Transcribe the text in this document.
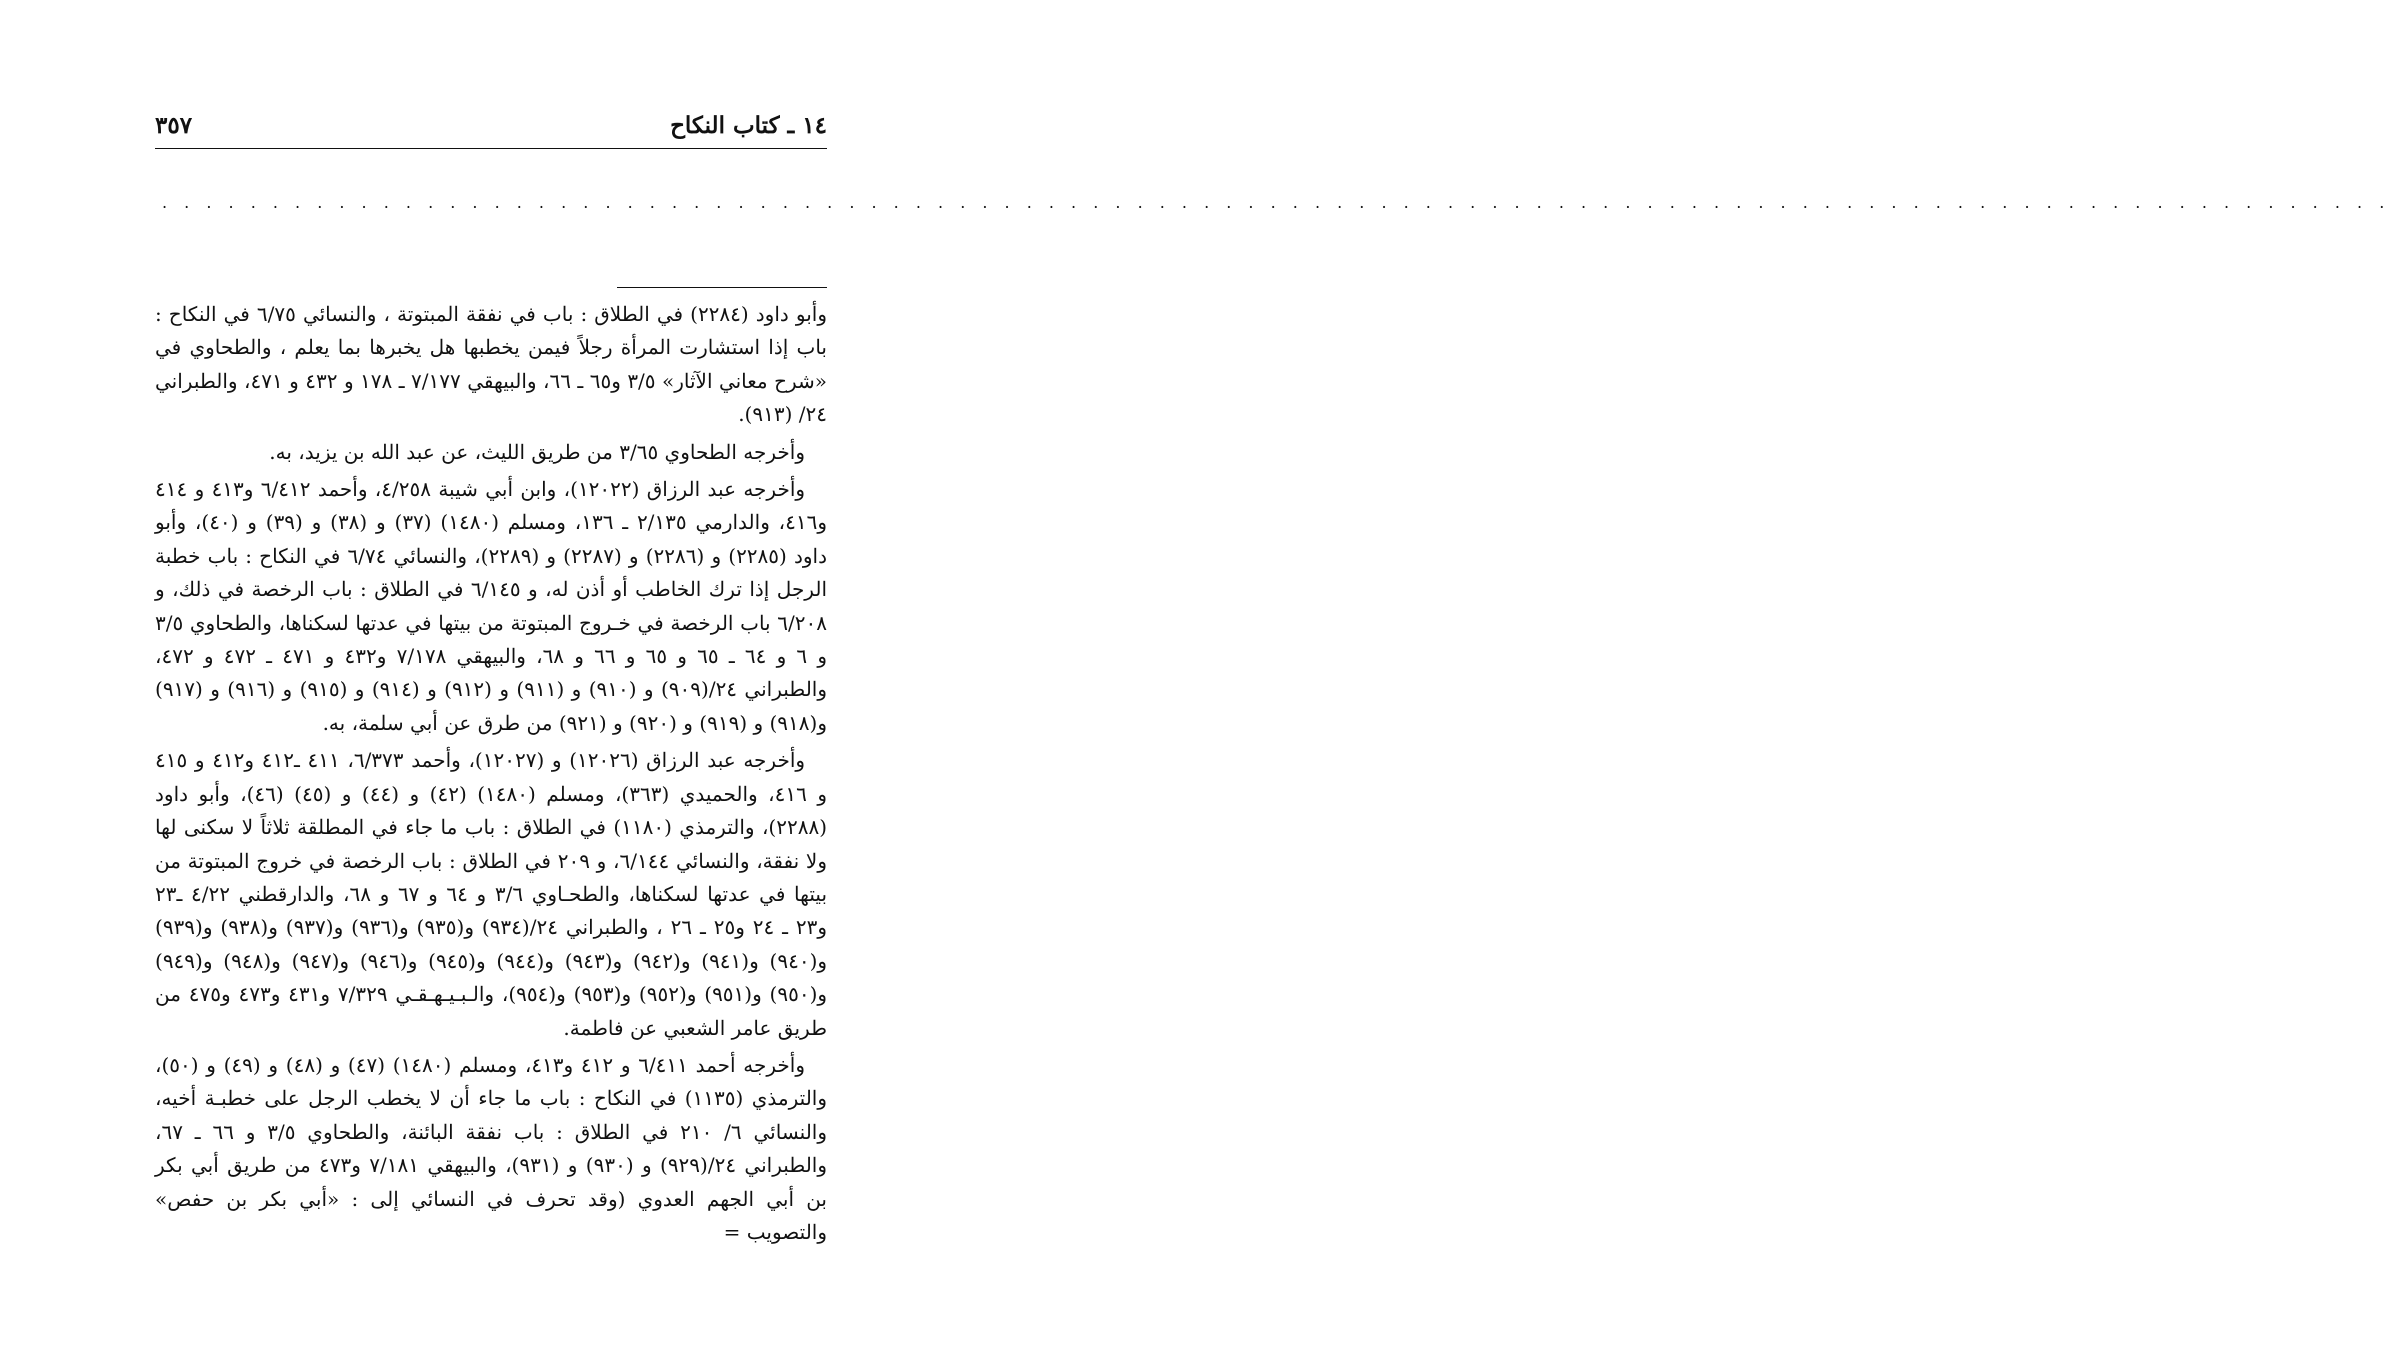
١٤ ـ كتاب النكاح
٣٥٧
. . . . . . . . . . . . . . . . . . . . . . . . . . . . . . . . . . . . . . . . . . . . . . . . . . . . . . . . . . . . . . . . . . . . . . . . . . . . . . . . . . . . . . . . . . . . . . . . . . . . .

وأبو داود (٢٢٨٤) في الطلاق : باب في نفقة المبتوتة ، والنسائي ٦/٧٥ في النكاح : باب إذا استشارت المرأة رجلاً فيمن يخطبها هل يخبرها بما يعلم ، والطحاوي في «شرح معاني الآثار» ٣/٥ و٦٥ ـ ٦٦، والبيهقي ٧/١٧٧ ـ ١٧٨ و ٤٣٢ و ٤٧١، والطبراني ٢٤/ (٩١٣).

وأخرجه الطحاوي ٣/٦٥ من طريق الليث، عن عبد الله بن يزيد، به.

وأخرجه عبد الرزاق (١٢٠٢٢)، وابن أبي شيبة ٤/٢٥٨، وأحمد ٦/٤١٢ و٤١٣ و ٤١٤ و٤١٦، والدارمي ٢/١٣٥ ـ ١٣٦، ومسلم (١٤٨٠) (٣٧) و (٣٨) و (٣٩) و (٤٠)، وأبو داود (٢٢٨٥) و (٢٢٨٦) و (٢٢٨٧) و (٢٢٨٩)، والنسائي ٦/٧٤ في النكاح : باب خطبة الرجل إذا ترك الخاطب أو أذن له، و ٦/١٤٥ في الطلاق : باب الرخصة في ذلك، و ٦/٢٠٨ باب الرخصة في خـروج المبتوتة من بيتها في عدتها لسكناها، والطحاوي ٣/٥ و ٦ و ٦٤ ـ ٦٥ و ٦٥ و ٦٦ و ٦٨، والبيهقي ٧/١٧٨ و٤٣٢ و ٤٧١ ـ ٤٧٢ و ٤٧٢، والطبراني ٢٤/(٩٠٩) و (٩١٠) و (٩١١) و (٩١٢) و (٩١٤) و (٩١٥) و (٩١٦) و (٩١٧) و(٩١٨) و (٩١٩) و (٩٢٠) و (٩٢١) من طرق عن أبي سلمة، به.

وأخرجه عبد الرزاق (١٢٠٢٦) و (١٢٠٢٧)، وأحمد ٦/٣٧٣، ٤١١ ـ٤١٢ و٤١٢ و ٤١٥ و ٤١٦، والحميدي (٣٦٣)، ومسلم (١٤٨٠) (٤٢) و (٤٤) و (٤٥) (٤٦)، وأبو داود (٢٢٨٨)، والترمذي (١١٨٠) في الطلاق : باب ما جاء في المطلقة ثلاثاً لا سكنى لها ولا نفقة، والنسائي ٦/١٤٤، و ٢٠٩ في الطلاق : باب الرخصة في خروج المبتوتة من بيتها في عدتها لسكناها، والطحـاوي ٣/٦ و ٦٤ و ٦٧ و ٦٨، والدارقطني ٤/٢٢ ـ٢٣ و٢٣ ـ ٢٤ و٢٥ ـ ٢٦ ، والطبراني ٢٤/(٩٣٤) و(٩٣٥) و(٩٣٦) و(٩٣٧) و(٩٣٨) و(٩٣٩) و(٩٤٠) و(٩٤١) و(٩٤٢) و(٩٤٣) و(٩٤٤) و(٩٤٥) و(٩٤٦) و(٩٤٧) و(٩٤٨) و(٩٤٩) و(٩٥٠) و(٩٥١) و(٩٥٢) و(٩٥٣) و(٩٥٤)، والـبـيـهـقـي ٧/٣٢٩ و٤٣١ و٤٧٣ و٤٧٥ من طريق عامر الشعبي عن فاطمة.

وأخرجه أحمد ٦/٤١١ و ٤١٢ و٤١٣، ومسلم (١٤٨٠) (٤٧) و (٤٨) و (٤٩) و (٥٠)، والترمذي (١١٣٥) في النكاح : باب ما جاء أن لا يخطب الرجل على خطبـة أخيه، والنسائي ٦/ ٢١٠ في الطلاق : باب نفقة البائنة، والطحاوي ٣/٥ و ٦٦ ـ ٦٧، والطبراني ٢٤/(٩٢٩) و (٩٣٠) و (٩٣١)، والبيهقي ٧/١٨١ و٤٧٣ من طريق أبي بكر بن أبي الجهم العدوي (وقد تحرف في النسائي إلى : «أبي بكر بن حفص» والتصويب =
